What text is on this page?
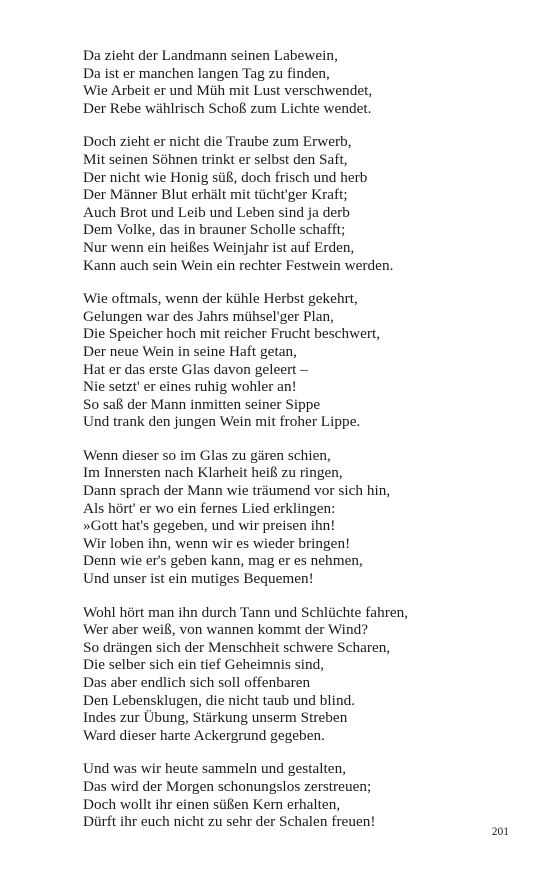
Da zieht der Landmann seinen Labewein,
Da ist er manchen langen Tag zu finden,
Wie Arbeit er und Müh mit Lust verschwendet,
Der Rebe wählrisch Schoß zum Lichte wendet.
Doch zieht er nicht die Traube zum Erwerb,
Mit seinen Söhnen trinkt er selbst den Saft,
Der nicht wie Honig süß, doch frisch und herb
Der Männer Blut erhält mit tücht'ger Kraft;
Auch Brot und Leib und Leben sind ja derb
Dem Volke, das in brauner Scholle schafft;
Nur wenn ein heißes Weinjahr ist auf Erden,
Kann auch sein Wein ein rechter Festwein werden.
Wie oftmals, wenn der kühle Herbst gekehrt,
Gelungen war des Jahrs mühsel'ger Plan,
Die Speicher hoch mit reicher Frucht beschwert,
Der neue Wein in seine Haft getan,
Hat er das erste Glas davon geleert –
Nie setzt' er eines ruhig wohler an!
So saß der Mann inmitten seiner Sippe
Und trank den jungen Wein mit froher Lippe.
Wenn dieser so im Glas zu gären schien,
Im Innersten nach Klarheit heiß zu ringen,
Dann sprach der Mann wie träumend vor sich hin,
Als hört' er wo ein fernes Lied erklingen:
»Gott hat's gegeben, und wir preisen ihn!
Wir loben ihn, wenn wir es wieder bringen!
Denn wie er's geben kann, mag er es nehmen,
Und unser ist ein mutiges Bequemen!
Wohl hört man ihn durch Tann und Schlüchte fahren,
Wer aber weiß, von wannen kommt der Wind?
So drängen sich der Menschheit schwere Scharen,
Die selber sich ein tief Geheimnis sind,
Das aber endlich sich soll offenbaren
Den Lebensklugen, die nicht taub und blind.
Indes zur Übung, Stärkung unserm Streben
Ward dieser harte Ackergrund gegeben.
Und was wir heute sammeln und gestalten,
Das wird der Morgen schonungslos zerstreuen;
Doch wollt ihr einen süßen Kern erhalten,
Dürft ihr euch nicht zu sehr der Schalen freuen!
201
